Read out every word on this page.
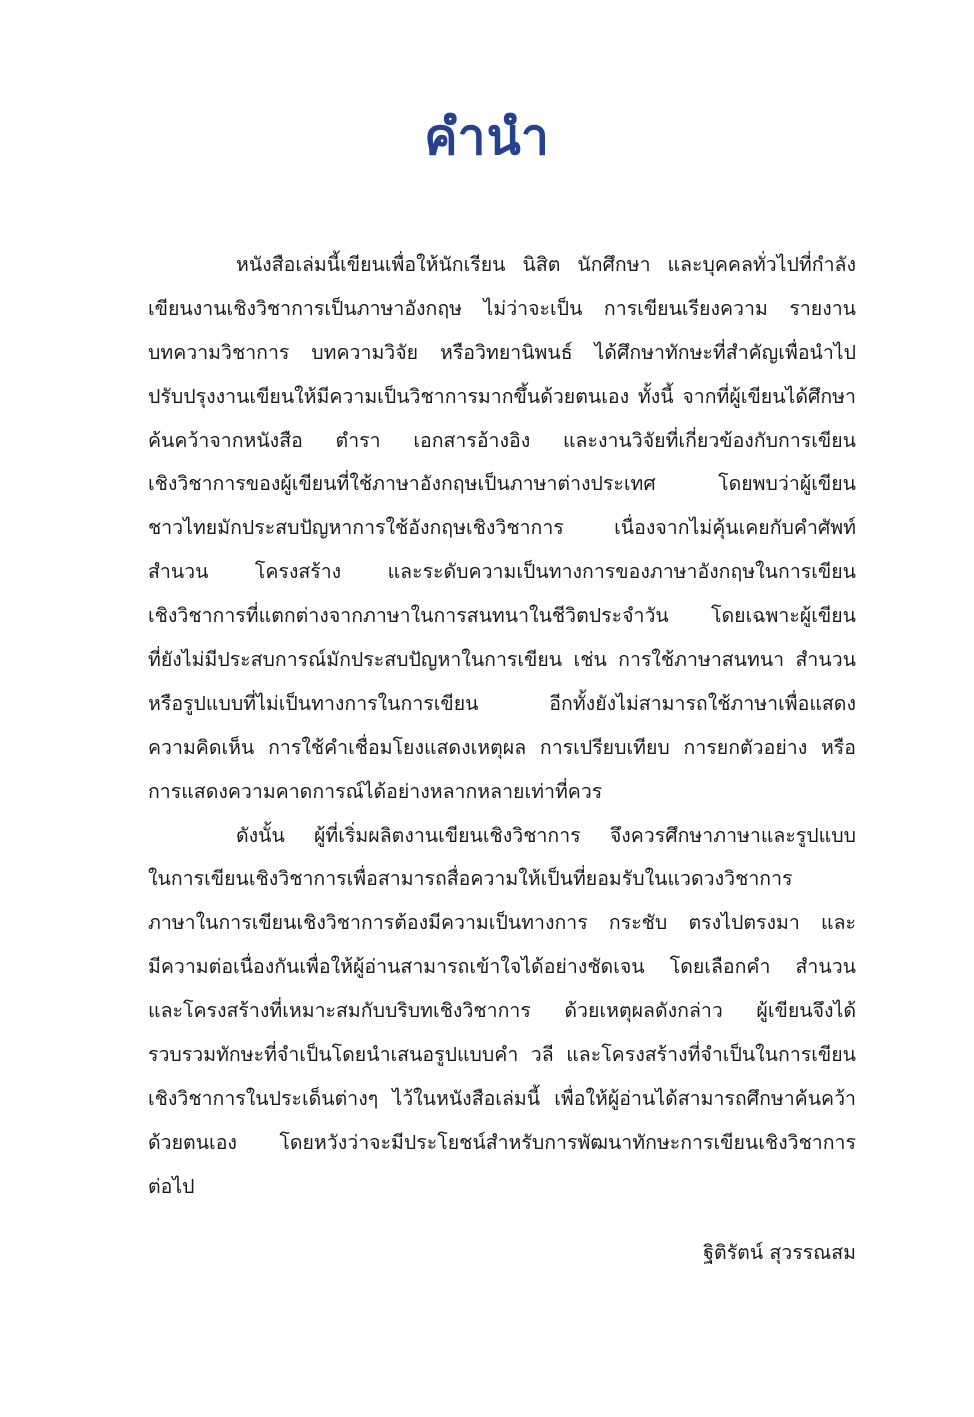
คำนำ
หนังสือเล่มนี้เขียนเพื่อให้นักเรียน นิสิต นักศึกษา และบุคคลทั่วไปที่กำลัง
เขียนงานเชิงวิชาการเป็นภาษาอังกฤษ ไม่ว่าจะเป็น การเขียนเรียงความ รายงาน
บทความวิชาการ บทความวิจัย หรือวิทยานิพนธ์ ได้ศึกษาทักษะที่สำคัญเพื่อนำไป
ปรับปรุงงานเขียนให้มีความเป็นวิชาการมากขึ้นด้วยตนเอง ทั้งนี้ จากที่ผู้เขียนได้ศึกษา
ค้นคว้าจากหนังสือ ตำรา เอกสารอ้างอิง และงานวิจัยที่เกี่ยวข้องกับการเขียน
เชิงวิชาการของผู้เขียนที่ใช้ภาษาอังกฤษเป็นภาษาต่างประเทศ โดยพบว่าผู้เขียน
ชาวไทยมักประสบปัญหาการใช้อังกฤษเชิงวิชาการ เนื่องจากไม่คุ้นเคยกับคำศัพท์
สำนวน โครงสร้าง และระดับความเป็นทางการของภาษาอังกฤษในการเขียน
เชิงวิชาการที่แตกต่างจากภาษาในการสนทนาในชีวิตประจำวัน โดยเฉพาะผู้เขียน
ที่ยังไม่มีประสบการณ์มักประสบปัญหาในการเขียน เช่น การใช้ภาษาสนทนา สำนวน
หรือรูปแบบที่ไม่เป็นทางการในการเขียน อีกทั้งยังไม่สามารถใช้ภาษาเพื่อแสดง
ความคิดเห็น การใช้คำเชื่อมโยงแสดงเหตุผล การเปรียบเทียบ การยกตัวอย่าง หรือ
การแสดงความคาดการณ์ได้อย่างหลากหลายเท่าที่ควร
ดังนั้น ผู้ที่เริ่มผลิตงานเขียนเชิงวิชาการ จึงควรศึกษาภาษาและรูปแบบ
ในการเขียนเชิงวิชาการเพื่อสามารถสื่อความให้เป็นที่ยอมรับในแวดวงวิชาการ
ภาษาในการเขียนเชิงวิชาการต้องมีความเป็นทางการ กระชับ ตรงไปตรงมา และ
มีความต่อเนื่องกันเพื่อให้ผู้อ่านสามารถเข้าใจได้อย่างชัดเจน โดยเลือกคำ สำนวน
และโครงสร้างที่เหมาะสมกับบริบทเชิงวิชาการ ด้วยเหตุผลดังกล่าว ผู้เขียนจึงได้
รวบรวมทักษะที่จำเป็นโดยนำเสนอรูปแบบคำ วลี และโครงสร้างที่จำเป็นในการเขียน
เชิงวิชาการในประเด็นต่างๆ ไว้ในหนังสือเล่มนี้ เพื่อให้ผู้อ่านได้สามารถศึกษาค้นคว้า
ด้วยตนเอง โดยหวังว่าจะมีประโยชน์สำหรับการพัฒนาทักษะการเขียนเชิงวิชาการ
ต่อไป
ฐิติรัตน์ สุวรรณสม
